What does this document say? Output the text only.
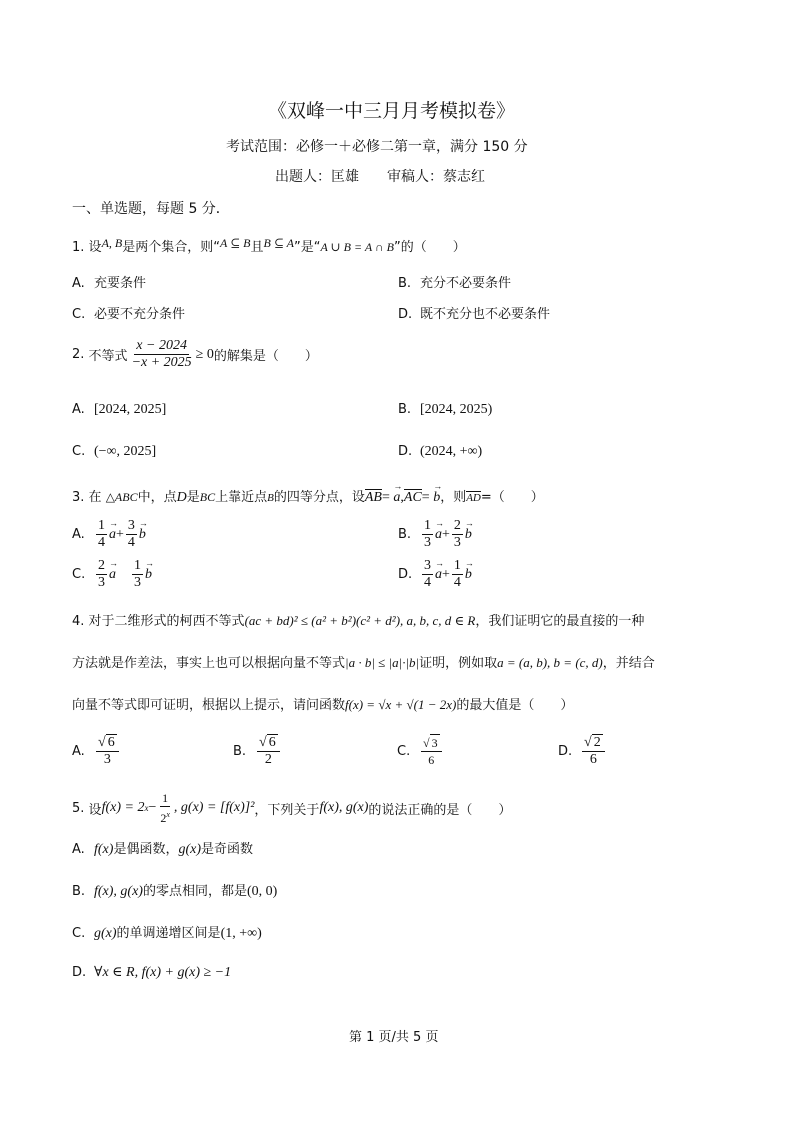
《双峰一中三月月考模拟卷》
考试范围：必修一＋必修二第一章，满分 150 分
出题人：匡雄　　审稿人：蔡志红
一、单选题，每题 5 分．
1. 设A, B是两个集合，则“A ⊆ B且B ⊆ A”是“A ∪ B = A ∩ B”的（　　）
A. 充要条件	B. 充分不必要条件
C. 必要不充分条件	D. 既不充分也不必要条件
2.
不等式 $\frac{x - 2024}{-x + 2025} \ge 0$ 的解集是（　　）
A. [2024, 2025]	B. [2024, 2025)
C. (−∞, 2025]	D. (2024, +∞)
3. 在 △ABC中，点D是BC上靠近点B的四等分点，设AB= a →,AC= b →，则AD=（　　）
A. $\frac{1}{4}$ a → + $\frac{3}{4}$ b →	B. $\frac{1}{3}$ a → + $\frac{2}{3}$ b →
C. $\frac{2}{3}$ $a \to \frac{1}{3}$ b →	D. $\frac{3}{4}$ a → + $\frac{1}{4}$ b →
4. 对于二维形式的柯西不等式(ac + bd)² ≤ (a² + b²)(c² + d²), a, b, c, d ∈ R，我们证明它的最直接的一种
方法就是作差法，事实上也可以根据向量不等式|a · b| ≤ |a|·|b|证明，例如取a = (a, b), b = (c, d)，并结合
向量不等式即可证明，根据以上提示，请问函数f(x) = √x + √(1 − 2x)的最大值是（　　）
A. $\frac{√ 6}{3}$	B. $\frac{√ 6}{2}$	C. $\frac{√ 3}{6}$	D. $\frac{√ 2}{6}$
5.
设 f(x) = 2 $x - \frac{1}{2^x}$ , g(x) = [f(x)]² ，下列关于 f(x), g(x) 的说法正确的是（　　）
A. f(x)是偶函数，g(x)是奇函数
B. f(x), g(x)的零点相同，都是(0, 0)
C. g(x)的单调递增区间是(1, +∞)
D. ∀x ∈ R, f(x) + g(x) ≥ −1
第 1 页/共 5 页
